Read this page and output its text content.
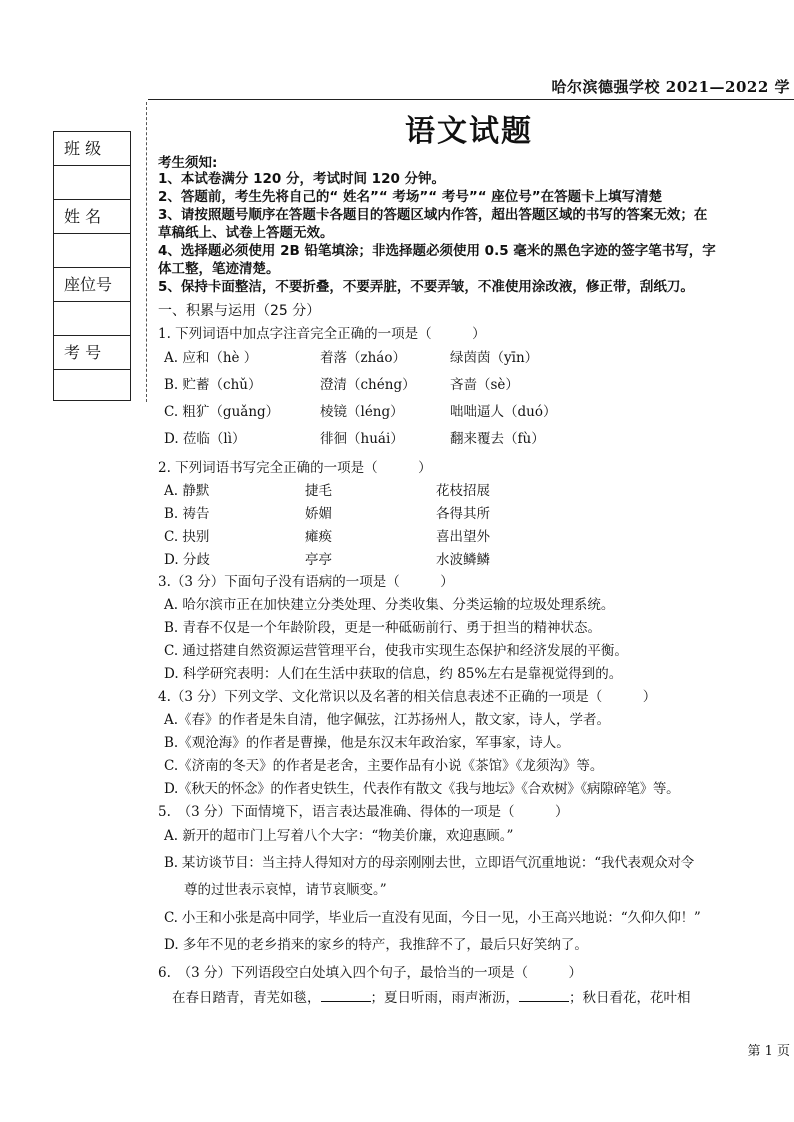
哈尔滨德强学校 2021—2022 学
班 级
姓 名
座位号
考 号
语文试题
考生须知:
1、本试卷满分 120 分，考试时间 120 分钟。
2、答题前，考生先将自己的“ 姓名”“ 考场”“ 考号”“ 座位号”在答题卡上填写清楚
3、请按照题号顺序在答题卡各题目的答题区域内作答，超出答题区域的书写的答案无效；在
草稿纸上、试卷上答题无效。
4、选择题必须使用 2B 铅笔填涂；非选择题必须使用 0.5 毫米的黑色字迹的签字笔书写，字
体工整，笔迹清楚。
5、保持卡面整洁，不要折叠，不要弄脏，不要弄皱，不准使用涂改液，修正带，刮纸刀。
一、积累与运用（25 分）
1. 下列词语中加点字注音完全正确的一项是（　　　）
A. 应和（hè ）	着落（zháo）	绿茵茵（yīn）
B. 贮蓄（chǔ）	澄清（chéng）	吝啬（sè）
C. 粗犷（guǎng）	棱镜（léng）	咄咄逼人（duó）
D. 莅临（lì）	徘徊（huái）	翻来覆去（fù）
2. 下列词语书写完全正确的一项是（　　　）
A. 静默	捷毛	花枝招展
B. 祷告	娇媚	各得其所
C. 抉别	瘫痪	喜出望外
D. 分歧	亭亭	水波鳞鳞
3.（3 分）下面句子没有语病的一项是（　　　）
A. 哈尔滨市正在加快建立分类处理、分类收集、分类运输的垃圾处理系统。
B. 青春不仅是一个年龄阶段，更是一种砥砺前行、勇于担当的精神状态。
C. 通过搭建自然资源运营管理平台，使我市实现生态保护和经济发展的平衡。
D. 科学研究表明：人们在生活中获取的信息，约 85%左右是靠视觉得到的。
4.（3 分）下列文学、文化常识以及名著的相关信息表述不正确的一项是（　　　）
A.《春》的作者是朱自清，他字佩弦，江苏扬州人，散文家，诗人，学者。
B.《观沧海》的作者是曹操，他是东汉末年政治家，军事家，诗人。
C.《济南的冬天》的作者是老舍，主要作品有小说《茶馆》《龙须沟》等。
D.《秋天的怀念》的作者史铁生，代表作有散文《我与地坛》《合欢树》《病隙碎笔》等。
5.　（3 分）下面情境下，语言表达最准确、得体的一项是（　　　）
A. 新开的超市门上写着八个大字：“物美价廉，欢迎惠顾。”
B. 某访谈节目：当主持人得知对方的母亲刚刚去世，立即语气沉重地说：“我代表观众对令
尊的过世表示哀悼，请节哀顺变。”
C. 小王和小张是高中同学，毕业后一直没有见面，今日一见，小王高兴地说：“久仰久仰！”
D. 多年不见的老乡捎来的家乡的特产，我推辞不了，最后只好笑纳了。
6.　（3 分）下列语段空白处填入四个句子，最恰当的一项是（　　　）
在春日踏青，青芜如毯，	；夏日听雨，雨声淅沥，	；秋日看花，花叶相
第 1 页
